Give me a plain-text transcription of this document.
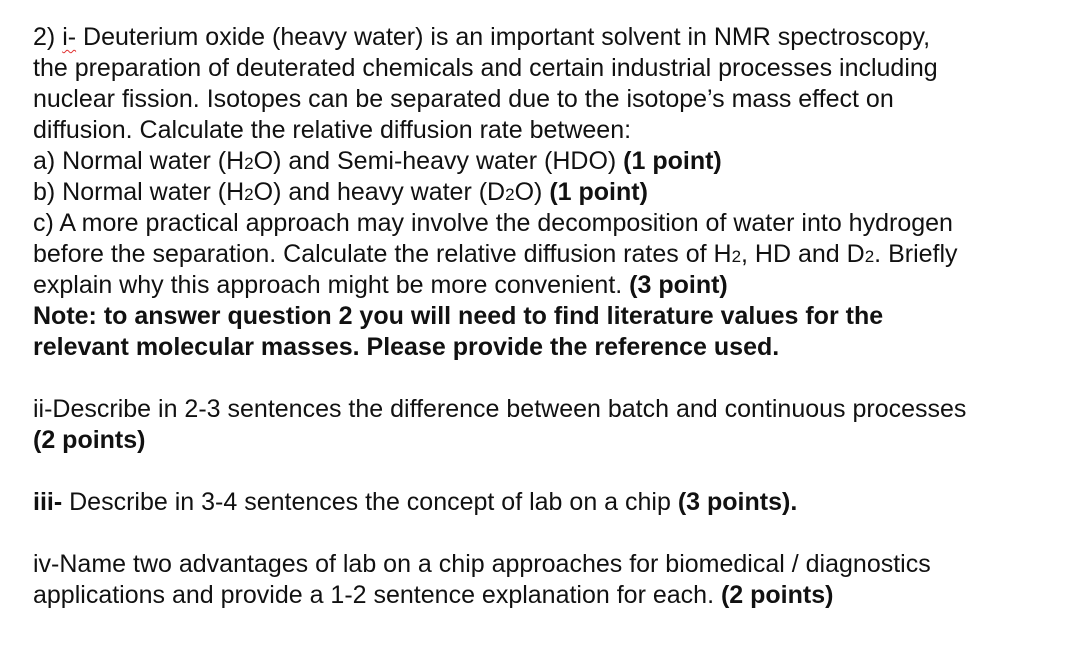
2) i- Deuterium oxide (heavy water) is an important solvent in NMR spectroscopy,
the preparation of deuterated chemicals and certain industrial processes including
nuclear fission. Isotopes can be separated due to the isotope’s mass effect on
diffusion. Calculate the relative diffusion rate between:
a) Normal water (H2O) and Semi-heavy water (HDO) (1 point)
b) Normal water (H2O) and heavy water (D2O) (1 point)
c) A more practical approach may involve the decomposition of water into hydrogen
before the separation. Calculate the relative diffusion rates of H2, HD and D2. Briefly
explain why this approach might be more convenient. (3 point)
Note: to answer question 2 you will need to find literature values for the
relevant molecular masses. Please provide the reference used.
ii-Describe in 2-3 sentences the difference between batch and continuous processes
(2 points)
iii- Describe in 3-4 sentences the concept of lab on a chip (3 points).
iv-Name two advantages of lab on a chip approaches for biomedical / diagnostics
applications and provide a 1-2 sentence explanation for each. (2 points)
